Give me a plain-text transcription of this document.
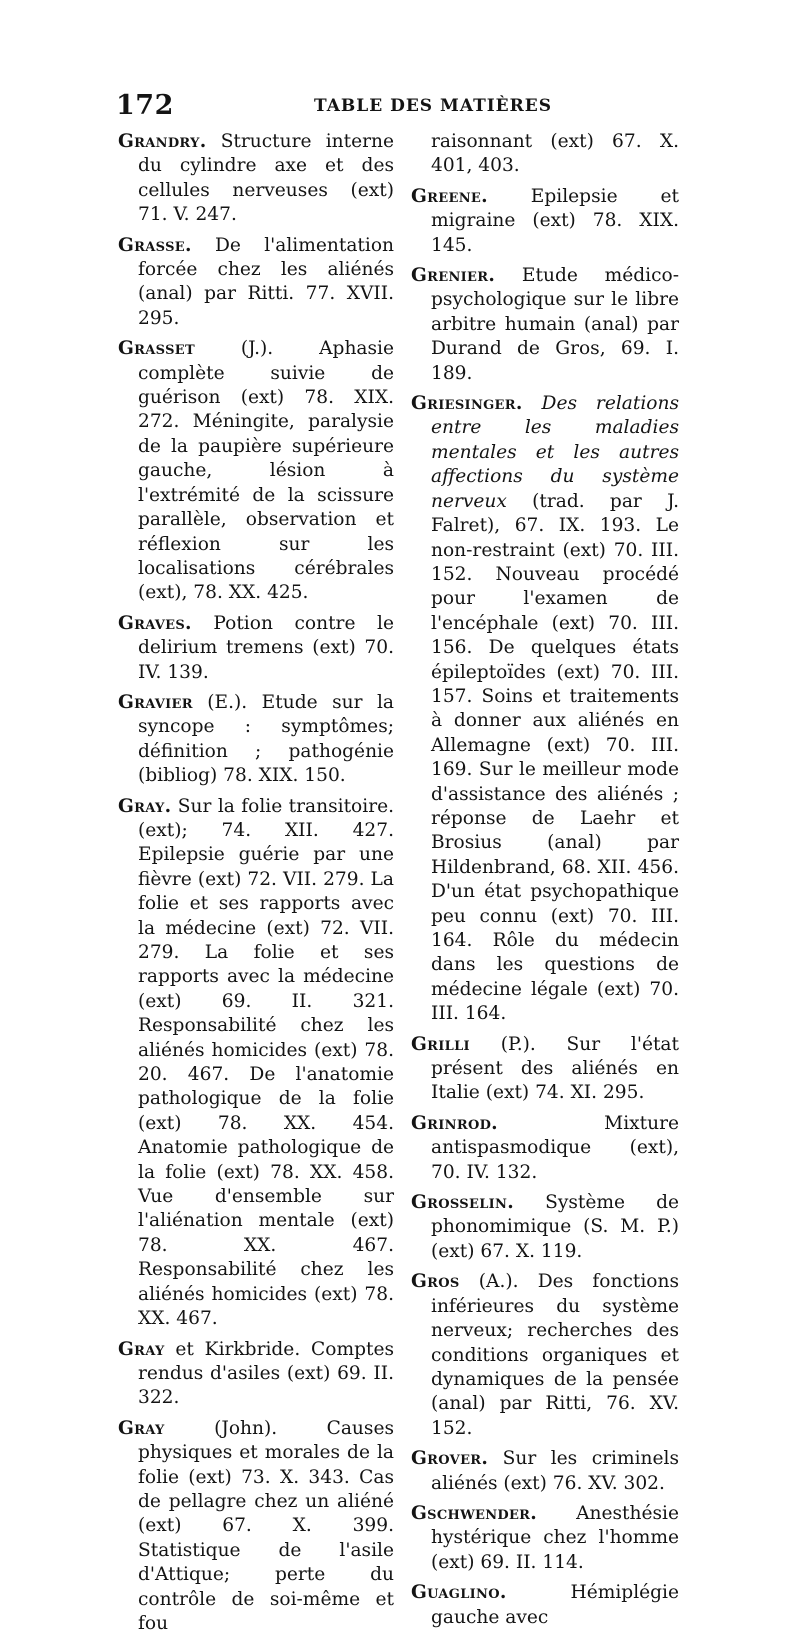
172	TABLE DES MATIÈRES

Grandry. Structure interne du cylindre axe et des cellules nerveuses (ext) 71. V. 247.

Grasse. De l'alimentation forcée chez les aliénés (anal) par Ritti. 77. XVII. 295.

Grasset (J.). Aphasie complète suivie de guérison (ext) 78. XIX. 272. Méningite, paralysie de la paupière supérieure gauche, lésion à l'extrémité de la scissure parallèle, observation et réflexion sur les localisations cérébrales (ext), 78. XX. 425.

Graves. Potion contre le delirium tremens (ext) 70. IV. 139.

Gravier (E.). Etude sur la syncope : symptômes; définition ; pathogénie (bibliog) 78. XIX. 150.

Gray. Sur la folie transitoire. (ext); 74. XII. 427. Epilepsie guérie par une fièvre (ext) 72. VII. 279. La folie et ses rapports avec la médecine (ext) 72. VII. 279. La folie et ses rapports avec la médecine (ext) 69. II. 321. Responsabilité chez les aliénés homicides (ext) 78. 20. 467. De l'anatomie pathologique de la folie (ext) 78. XX. 454. Anatomie pathologique de la folie (ext) 78. XX. 458. Vue d'ensemble sur l'aliénation mentale (ext) 78. XX. 467. Responsabilité chez les aliénés homicides (ext) 78. XX. 467.

Gray et Kirkbride. Comptes rendus d'asiles (ext) 69. II. 322.

Gray (John). Causes physiques et morales de la folie (ext) 73. X. 343. Cas de pellagre chez un aliéné (ext) 67. X. 399. Statistique de l'asile d'Attique; perte du contrôle de soi-même et fou

raisonnant (ext) 67. X. 401, 403.

Greene. Epilepsie et migraine (ext) 78. XIX. 145.

Grenier. Etude médico-psychologique sur le libre arbitre humain (anal) par Durand de Gros, 69. I. 189.

Griesinger. Des relations entre les maladies mentales et les autres affections du système nerveux (trad. par J. Falret), 67. IX. 193. Le non-restraint (ext) 70. III. 152. Nouveau procédé pour l'examen de l'encéphale (ext) 70. III. 156. De quelques états épileptoïdes (ext) 70. III. 157. Soins et traitements à donner aux aliénés en Allemagne (ext) 70. III. 169. Sur le meilleur mode d'assistance des aliénés ; réponse de Laehr et Brosius (anal) par Hildenbrand, 68. XII. 456. D'un état psychopathique peu connu (ext) 70. III. 164. Rôle du médecin dans les questions de médecine légale (ext) 70. III. 164.

Grilli (P.). Sur l'état présent des aliénés en Italie (ext) 74. XI. 295.

Grinrod. Mixture antispasmodique (ext), 70. IV. 132.

Grosselin. Système de phonomimique (S. M. P.) (ext) 67. X. 119.

Gros (A.). Des fonctions inférieures du système nerveux; recherches des conditions organiques et dynamiques de la pensée (anal) par Ritti, 76. XV. 152.

Grover. Sur les criminels aliénés (ext) 76. XV. 302.

Gschwender. Anesthésie hystérique chez l'homme (ext) 69. II. 114.

Guaglino. Hémiplégie gauche avec
